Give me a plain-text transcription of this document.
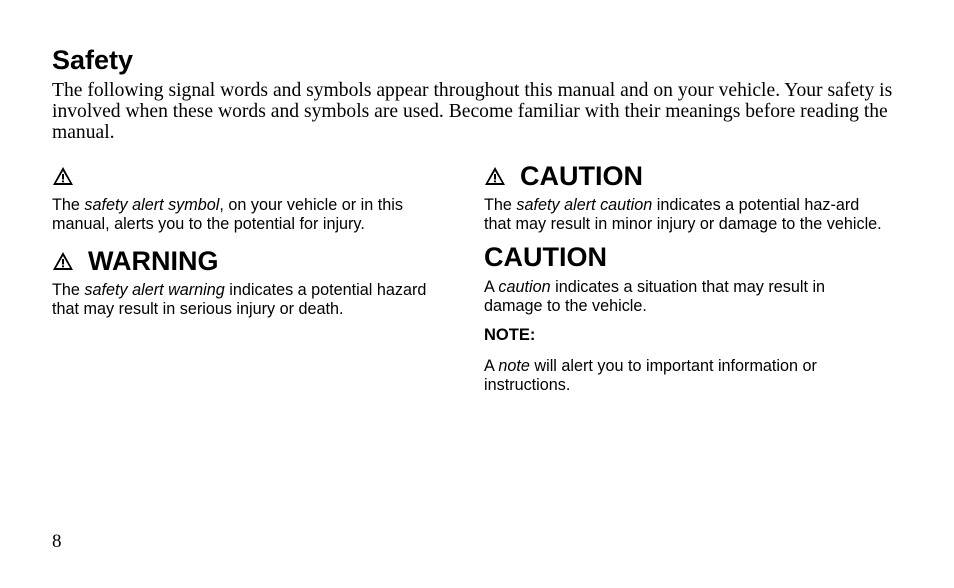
Safety

The following signal words and symbols appear throughout this manual and on your vehicle. Your safety is involved when these words and symbols are used. Become familiar with their meanings before reading the manual.

The safety alert symbol, on your vehicle or in this manual, alerts you to the potential for injury.

WARNING

The safety alert warning indicates a potential hazard that may result in serious injury or death.

CAUTION

The safety alert caution indicates a potential haz-ard that may result in minor injury or damage to the vehicle.

CAUTION

A caution indicates a situation that may result in damage to the vehicle.

NOTE:

A note will alert you to important information or instructions.

8
